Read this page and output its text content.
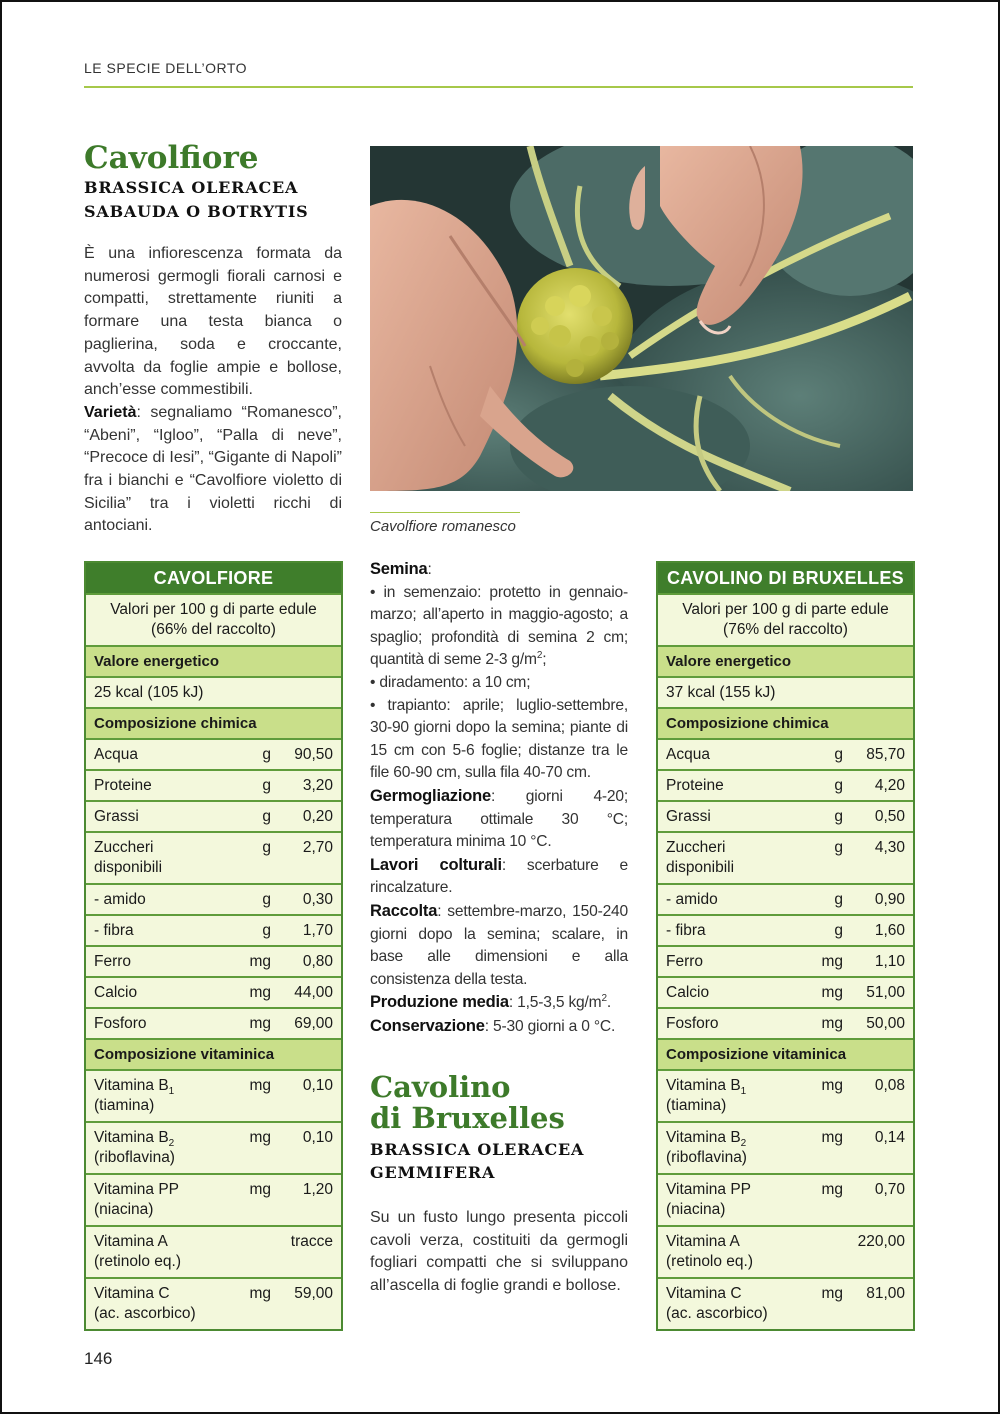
LE SPECIE DELL’ORTO
Cavolfiore
BRASSICA OLERACEA
SABAUDA O BOTRYTIS

È una infiorescenza formata da numerosi germogli fiorali carnosi e compatti, strettamente riuniti a formare una testa bianca o paglierina, soda e croccante, avvolta da foglie ampie e bollose, anch’esse commestibili.

Varietà: segnaliamo “Romanesco”, “Abeni”, “Igloo”, “Palla di neve”, “Precoce di Iesi”, “Gigante di Napoli” fra i bianchi e “Cavolfiore violetto di Sicilia” tra i violetti ricchi di antociani.	Cavolfiore romanesco
CAVOLFIORE
Valori per 100 g di parte edule
(66% del raccolto)
Valore energetico
25 kcal (105 kJ)
Composizione chimica
Acqua	g	90,50
Proteine	g	3,20
Grassi	g	0,20
Zuccheri
disponibili
g	2,70
- amido	g	0,30
- fibra	g	1,70
Ferro	mg	0,80
Calcio	mg	44,00
Fosforo	mg	69,00
Composizione vitaminica
Vitamina $B_1$
(tiamina)
mg	0,10
Vitamina $B_2$
(riboflavina)
mg	0,10
Vitamina PP
(niacina)
mg	1,20
Vitamina A
(retinolo eq.)
tracce
Vitamina C
(ac. ascorbico)
mg	59,00

Semina:

• in semenzaio: protetto in gennaio-marzo; all’aperto in maggio-agosto; a spaglio; profondità di semina 2 cm; quantità di seme 2-3 $g/m^2$;

• diradamento: a 10 cm;

• trapianto: aprile; luglio-settembre, 30-90 giorni dopo la semina; piante di 15 cm con 5-6 foglie; distanze tra le file 60-90 cm, sulla fila 40-70 cm.

Germogliazione: giorni 4-20; temperatura ottimale 30 °C; temperatura minima 10 °C.

Lavori colturali: scerbature e rincalzature.

Raccolta: settembre-marzo, 150-240 giorni dopo la semina; scalare, in base alle dimensioni e alla consistenza della testa.

Produzione media: 1,5-3,5 $kg/m^2$.

Conservazione: 5-30 giorni a 0 °C.

Cavolino
di Bruxelles
BRASSICA OLERACEA
GEMMIFERA

Su un fusto lungo presenta piccoli cavoli verza, costituiti da germogli fogliari compatti che si sviluppano all’ascella di foglie grandi e bollose.

CAVOLINO DI BRUXELLES
Valori per 100 g di parte edule
(76% del raccolto)
Valore energetico
37 kcal (155 kJ)
Composizione chimica
Acqua	g	85,70
Proteine	g	4,20
Grassi	g	0,50
Zuccheri
disponibili
g	4,30
- amido	g	0,90
- fibra	g	1,60
Ferro	mg	1,10
Calcio	mg	51,00
Fosforo	mg	50,00
Composizione vitaminica
Vitamina $B_1$
(tiamina)
mg	0,08
Vitamina $B_2$
(riboflavina)
mg	0,14
Vitamina PP
(niacina)
mg	0,70
Vitamina A
(retinolo eq.)
220,00
Vitamina C
(ac. ascorbico)
mg	81,00
146
